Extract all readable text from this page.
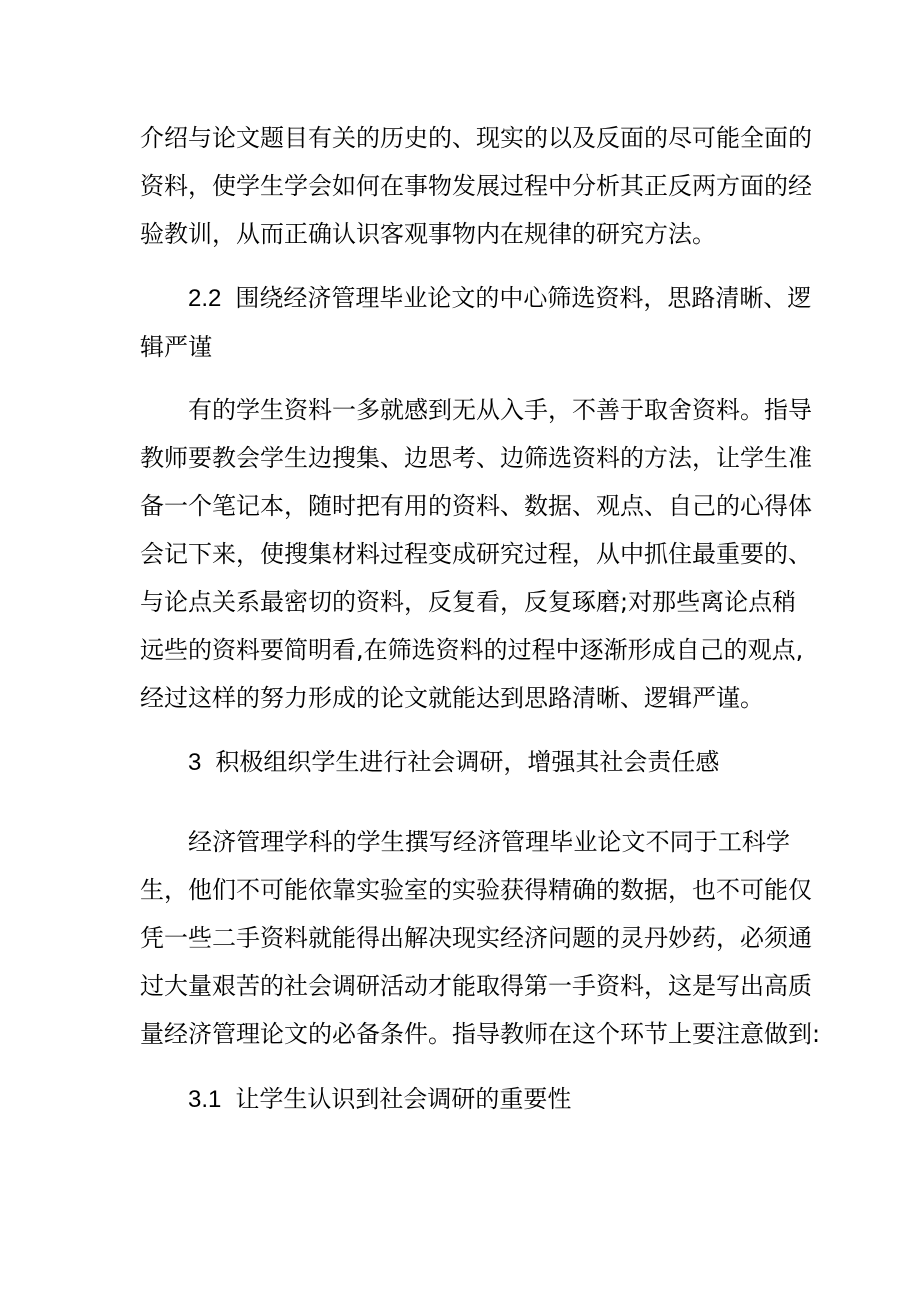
介绍与论文题目有关的历史的、现实的以及反面的尽可能全面的
资料，使学生学会如何在事物发展过程中分析其正反两方面的经
验教训，从而正确认识客观事物内在规律的研究方法。
2.2 围绕经济管理毕业论文的中心筛选资料，思路清晰、逻
辑严谨
有的学生资料一多就感到无从入手，不善于取舍资料。指导
教师要教会学生边搜集、边思考、边筛选资料的方法，让学生准
备一个笔记本，随时把有用的资料、数据、观点、自己的心得体
会记下来，使搜集材料过程变成研究过程，从中抓住最重要的、
与论点关系最密切的资料，反复看，反复琢磨;对那些离论点稍
远些的资料要简明看,在筛选资料的过程中逐渐形成自己的观点,
经过这样的努力形成的论文就能达到思路清晰、逻辑严谨。
3 积极组织学生进行社会调研，增强其社会责任感
经济管理学科的学生撰写经济管理毕业论文不同于工科学
生，他们不可能依靠实验室的实验获得精确的数据，也不可能仅
凭一些二手资料就能得出解决现实经济问题的灵丹妙药，必须通
过大量艰苦的社会调研活动才能取得第一手资料，这是写出高质
量经济管理论文的必备条件。指导教师在这个环节上要注意做到:
3.1 让学生认识到社会调研的重要性
